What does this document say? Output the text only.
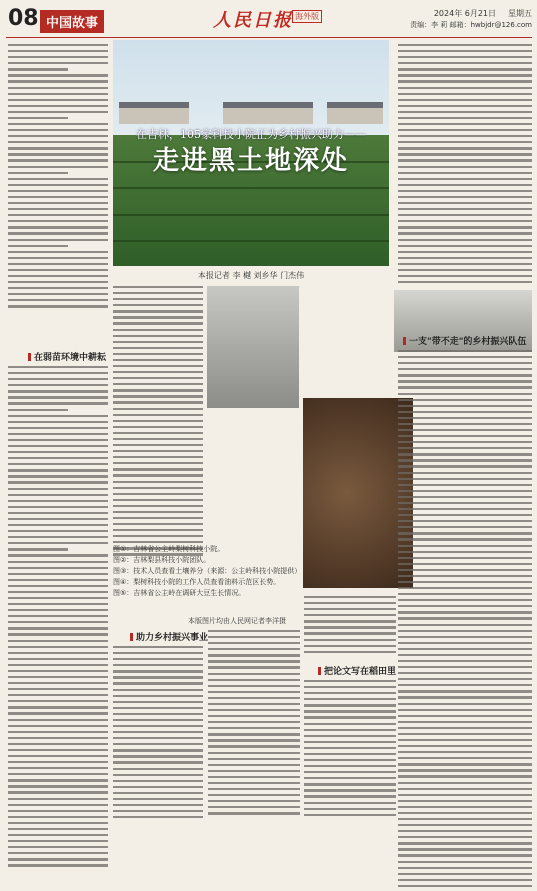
08 中国故事	人民日报 海外版	2024年 6月21日 星期五
责编：李 莉 邮箱：hwbjdr@126.com
在吉林，105家科技小院正为乡村振兴助力——
走进黑土地深处
本报记者 李 樾 刘乡华 门杰伟
在弱苗环境中耕耘
图①：吉林省公主岭梨树科技小院。
图②：吉林梨县科技小院团队。
图③：技术人员查看土壤养分（来源：公主岭科技小院提供）
图④：梨树科技小院的工作人员查看油料示范区长势。
图⑤：吉林省公主岭在调研大豆生长情况。
本版图片均由人民网记者李洋摄
一支"带不走"的乡村振兴队伍
助力乡村振兴事业
把论文写在稻田里
